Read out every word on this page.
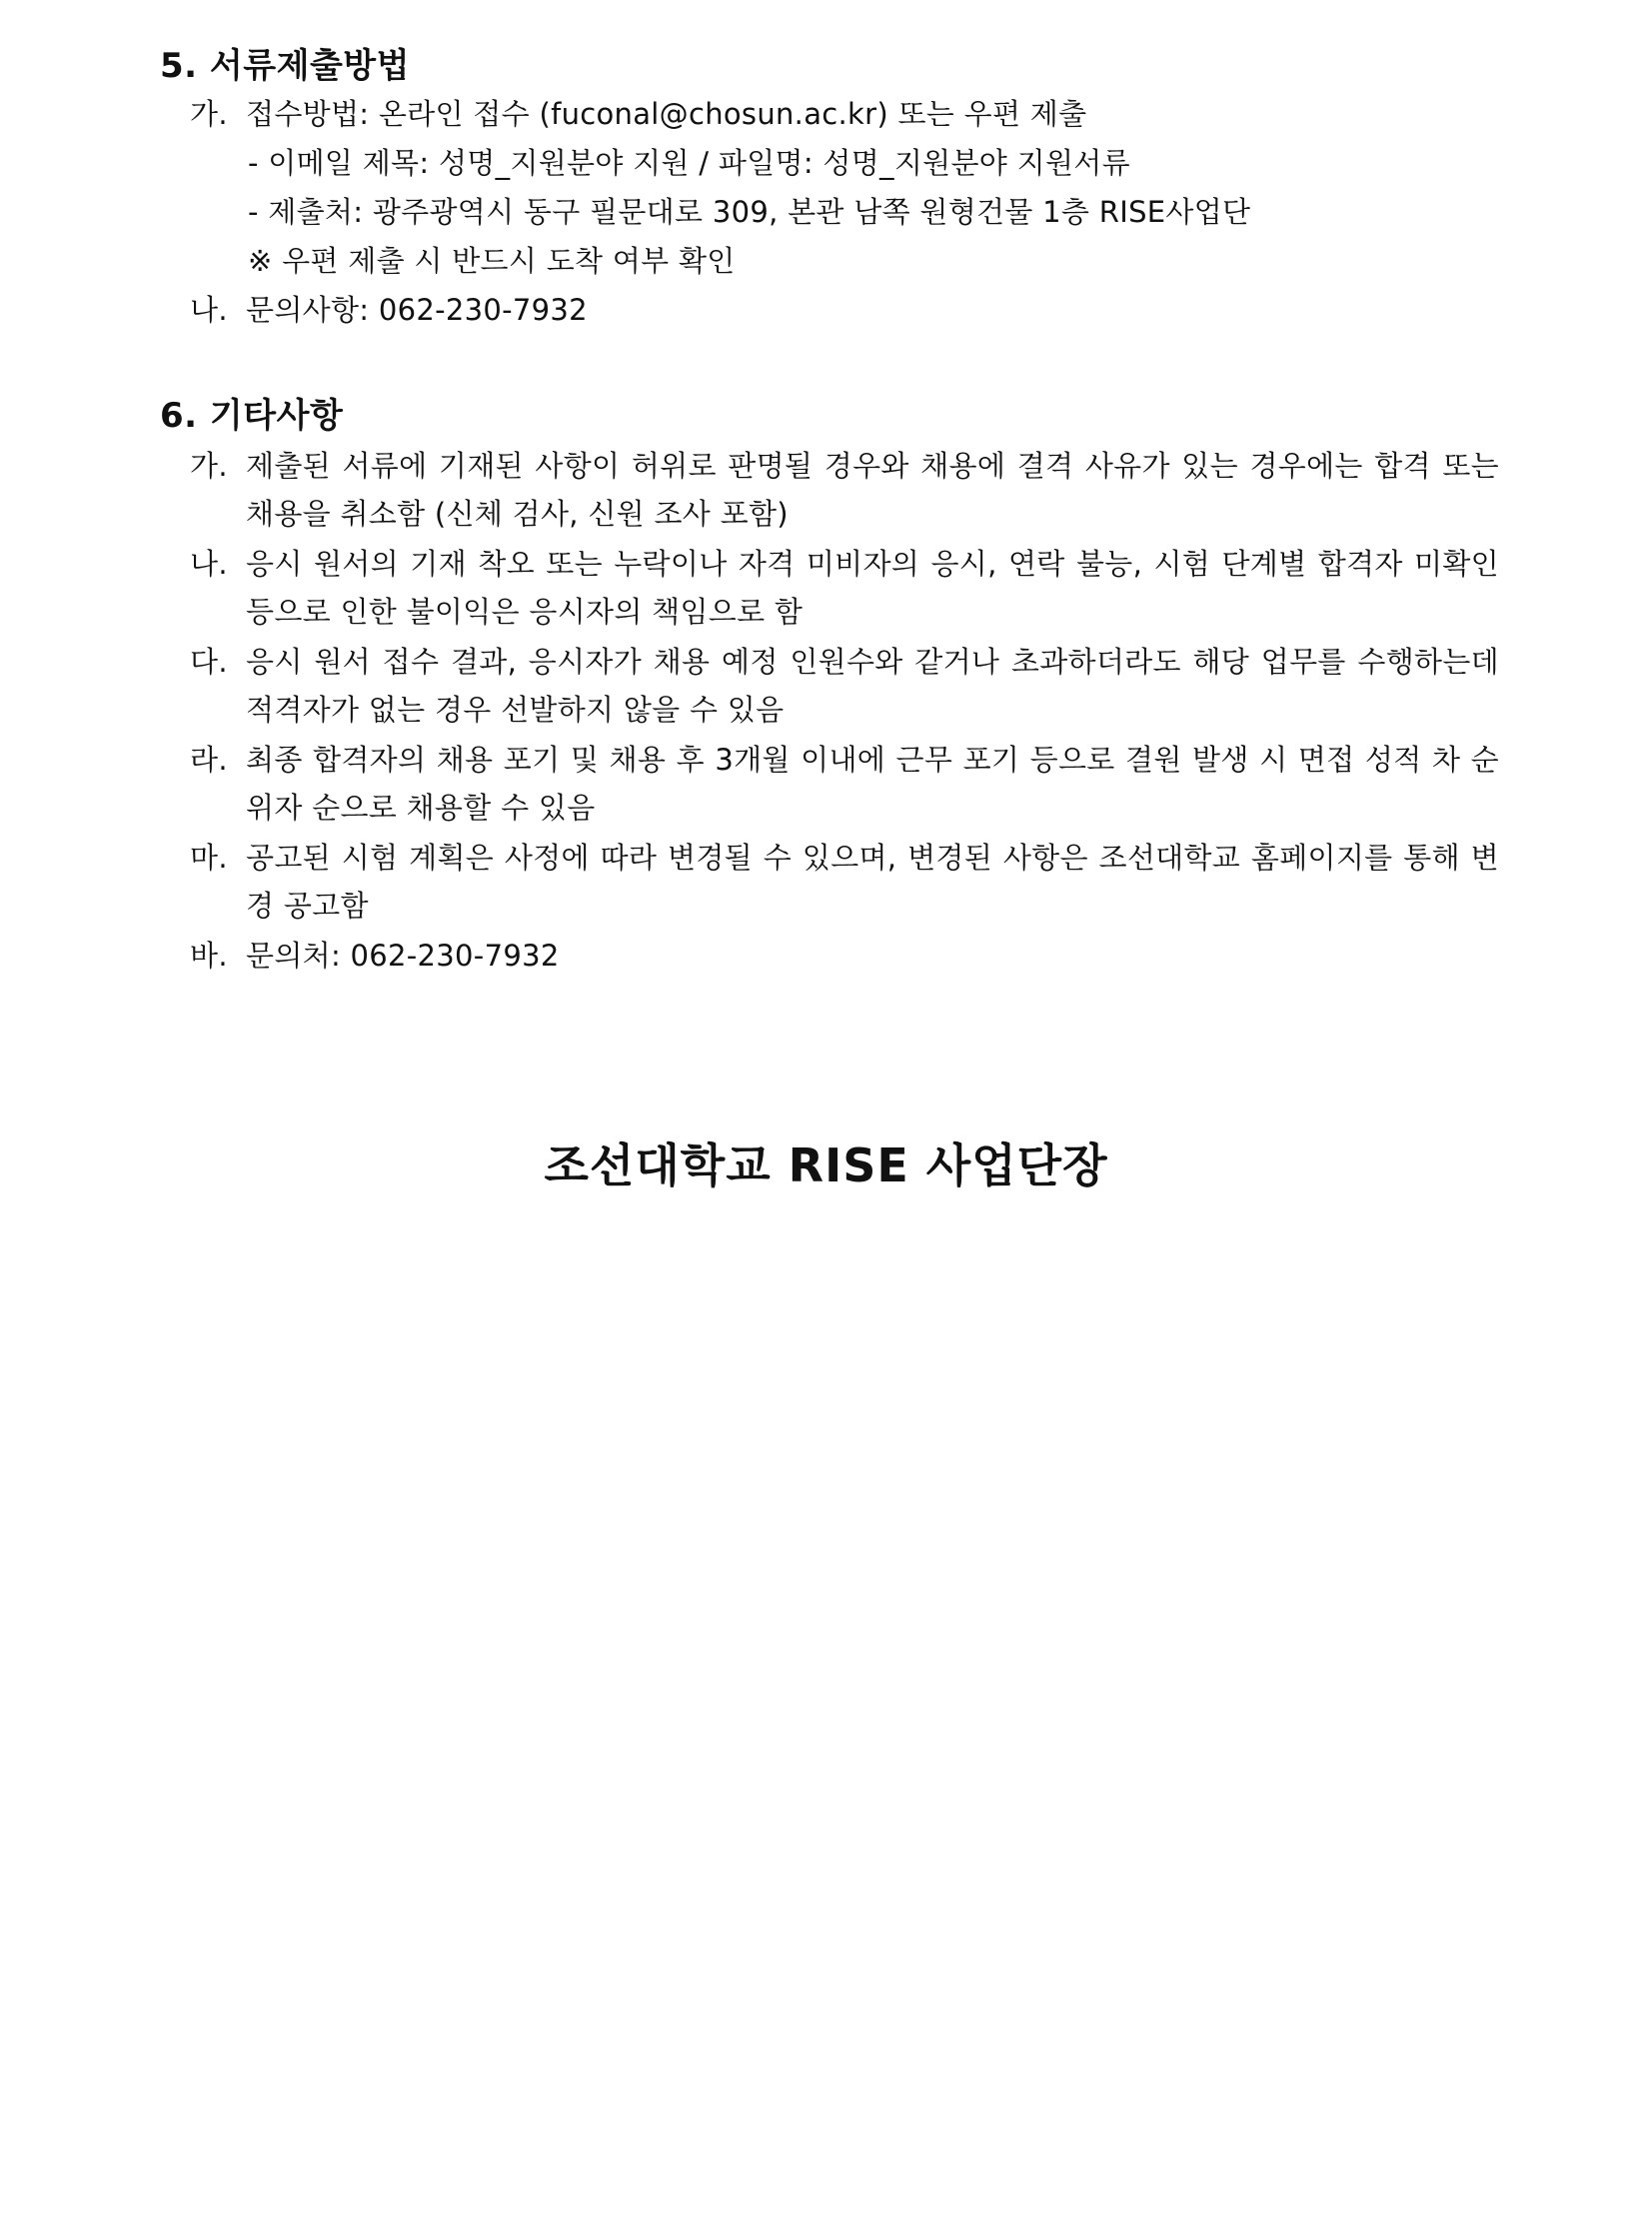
5. 서류제출방법
가. 접수방법: 온라인 접수 (fuconal@chosun.ac.kr) 또는 우편 제출
- 이메일 제목: 성명_지원분야 지원 / 파일명: 성명_지원분야 지원서류
- 제출처: 광주광역시 동구 필문대로 309, 본관 남쪽 원형건물 1층 RISE사업단
※ 우편 제출 시 반드시 도착 여부 확인
나. 문의사항: 062-230-7932
6. 기타사항
가. 제출된 서류에 기재된 사항이 허위로 판명될 경우와 채용에 결격 사유가 있는 경우에는 합격 또는 채용을 취소함 (신체 검사, 신원 조사 포함)
나. 응시 원서의 기재 착오 또는 누락이나 자격 미비자의 응시, 연락 불능, 시험 단계별 합격자 미확인 등으로 인한 불이익은 응시자의 책임으로 함
다. 응시 원서 접수 결과, 응시자가 채용 예정 인원수와 같거나 초과하더라도 해당 업무를 수행하는데 적격자가 없는 경우 선발하지 않을 수 있음
라. 최종 합격자의 채용 포기 및 채용 후 3개월 이내에 근무 포기 등으로 결원 발생 시 면접 성적 차 순위자 순으로 채용할 수 있음
마. 공고된 시험 계획은 사정에 따라 변경될 수 있으며, 변경된 사항은 조선대학교 홈페이지를 통해 변경 공고함
바. 문의처: 062-230-7932
조선대학교 RISE 사업단장
